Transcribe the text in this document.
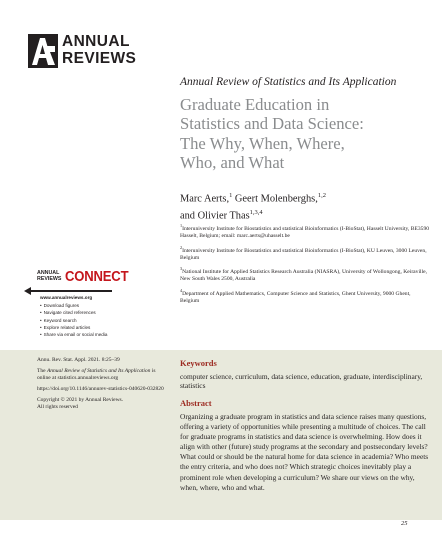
ANNUAL
REVIEWS
Annual Review of Statistics and Its Application
Graduate Education in
Statistics and Data Science:
The Why, When, Where,
Who, and What
Marc Aerts,$^1$ Geert Molenberghs,$^{1,2}$
and Olivier Thas$^{1,3,4}$
$^1$Interuniversity Institute for Biostatistics and statistical Bioinformatics (I-BioStat), Hasselt University, BE3590 Hasselt, Belgium; email: marc.aerts@uhasselt.be
$^2$Interuniversity Institute for Biostatistics and statistical Bioinformatics (I-BioStat), KU Leuven, 3000 Leuven, Belgium
$^3$National Institute for Applied Statistics Research Australia (NIASRA), University of Wollongong, Keiraville, New South Wales 2500, Australia
$^4$Department of Applied Mathematics, Computer Science and Statistics, Ghent University, 9000 Ghent, Belgium
ANNUAL
REVIEWS CONNECT
www.annualreviews.org
• Download figures
• Navigate cited references
• Keyword search
• Explore related articles
• Share via email or social media

Annu. Rev. Stat. Appl. 2021. 8:25–39

The Annual Review of Statistics and Its Application is online at statistics.annualreviews.org

https://doi.org/10.1146/annurev-statistics-040620-032820

Copyright © 2021 by Annual Reviews.
All rights reserved

Keywords
computer science, curriculum, data science, education, graduate, interdisciplinary, statistics
Abstract
Organizing a graduate program in statistics and data science raises many questions, offering a variety of opportunities while presenting a multitude of choices. The call for graduate programs in statistics and data science is overwhelming. How does it align with other (future) study programs at the secondary and postsecondary levels? What could or should be the natural home for data science in academia? Who meets the entry criteria, and who does not? Which strategic choices inevitably play a prominent role when developing a curriculum? We share our views on the why, when, where, who and what.
25
